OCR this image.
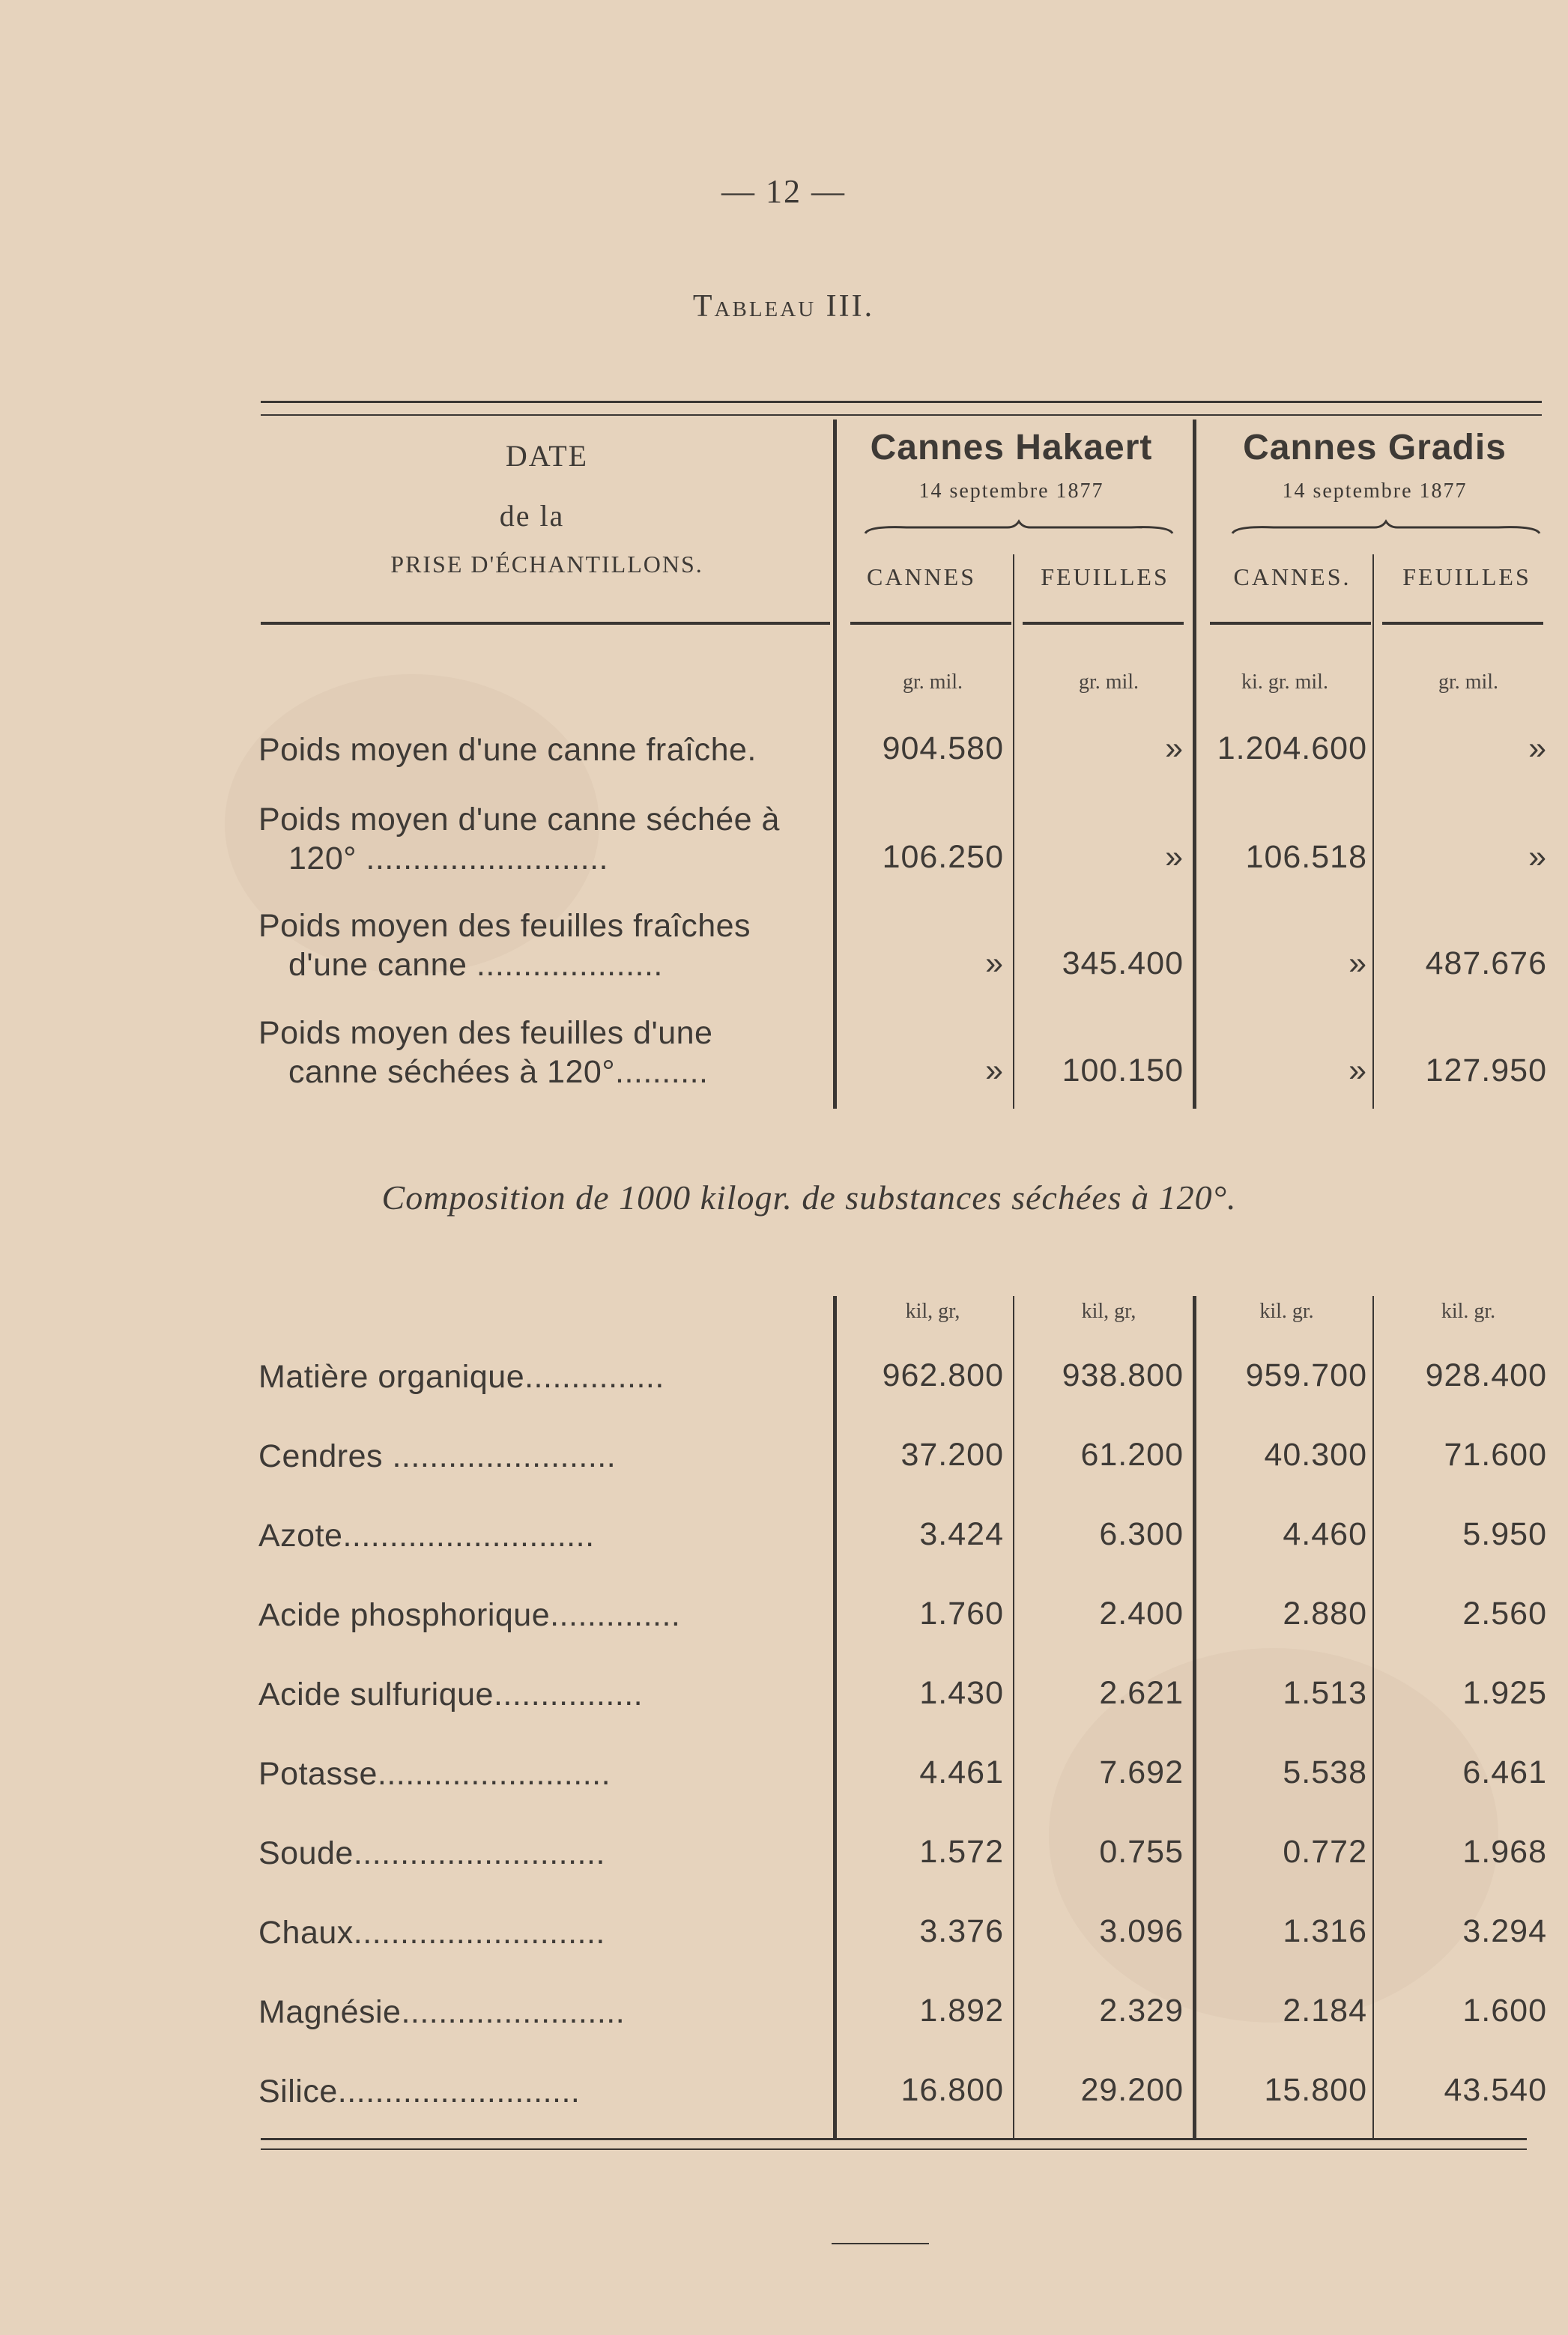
— 12 —
Tableau III.
DATE
de la
PRISE D'ÉCHANTILLONS.
Cannes Hakaert
14 septembre 1877
CANNES	FEUILLES
Cannes Gradis
14 septembre 1877
CANNES.	FEUILLES
gr. mil.	gr. mil.	ki. gr. mil.	gr. mil.
Poids moyen d'une canne fraîche.	904.580	»	1.204.600	»
Poids moyen d'une canne séchée à
120° ..........................	106.250	»	106.518	»
Poids moyen des feuilles fraîches
d'une canne ....................	»	345.400	»	487.676
Poids moyen des feuilles d'une
canne séchées à 120°..........	»	100.150	»	127.950
Composition de 1000 kilogr. de substances séchées à 120°.
kil, gr,	kil, gr,	kil. gr.	kil. gr.
Matière organique...............	962.800	938.800	959.700	928.400
Cendres ........................	37.200	61.200	40.300	71.600
Azote...........................	3.424	6.300	4.460	5.950
Acide phosphorique..............	1.760	2.400	2.880	2.560
Acide sulfurique................	1.430	2.621	1.513	1.925
Potasse.........................	4.461	7.692	5.538	6.461
Soude...........................	1.572	0.755	0.772	1.968
Chaux...........................	3.376	3.096	1.316	3.294
Magnésie........................	1.892	2.329	2.184	1.600
Silice..........................	16.800	29.200	15.800	43.540
